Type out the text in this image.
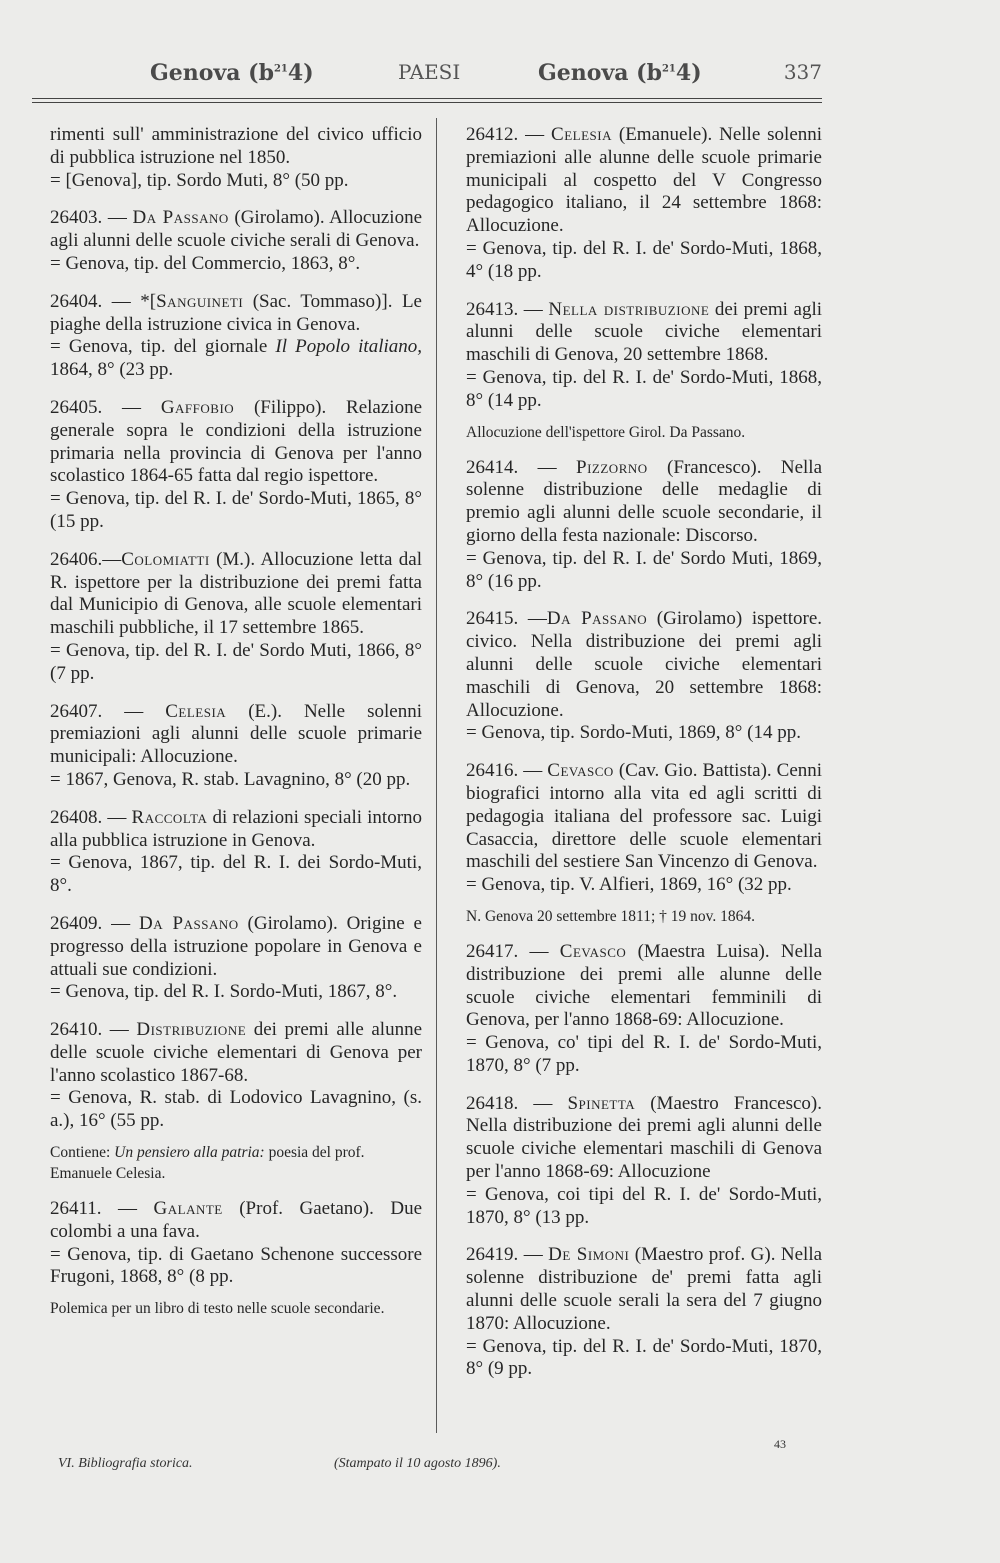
Genova $(b^{21}4)$	PAESI	Genova $(b^{21}4)$	337

rimenti sull' amministrazione del civico ufficio di pubblica istruzione nel 1850.
= [Genova], tip. Sordo Muti, 8° (50 pp.

26403. — Da Passano (Girolamo). Allocuzione agli alunni delle scuole civiche serali di Genova.
= Genova, tip. del Commercio, 1863, 8°.

26404. — *[Sanguineti (Sac. Tommaso)]. Le piaghe della istruzione civica in Genova.
= Genova, tip. del giornale Il Popolo italiano, 1864, 8° (23 pp.

26405. — Gaffobio (Filippo). Relazione generale sopra le condizioni della istruzione primaria nella provincia di Genova per l'anno scolastico 1864-65 fatta dal regio ispettore.
= Genova, tip. del R. I. de' Sordo-Muti, 1865, 8° (15 pp.

26406.—Colomiatti (M.). Allocuzione letta dal R. ispettore per la distribuzione dei premi fatta dal Municipio di Genova, alle scuole elementari maschili pubbliche, il 17 settembre 1865.
= Genova, tip. del R. I. de' Sordo Muti, 1866, 8° (7 pp.

26407. — Celesia (E.). Nelle solenni premiazioni agli alunni delle scuole primarie municipali: Allocuzione.
= 1867, Genova, R. stab. Lavagnino, 8° (20 pp.

26408. — Raccolta di relazioni speciali intorno alla pubblica istruzione in Genova.
= Genova, 1867, tip. del R. I. dei Sordo-Muti, 8°.

26409. — Da Passano (Girolamo). Origine e progresso della istruzione popolare in Genova e attuali sue condizioni.
= Genova, tip. del R. I. Sordo-Muti, 1867, 8°.

26410. — Distribuzione dei premi alle alunne delle scuole civiche elementari di Genova per l'anno scolastico 1867-68.
= Genova, R. stab. di Lodovico Lavagnino, (s. a.), 16° (55 pp.

Contiene: Un pensiero alla patria: poesia del prof. Emanuele Celesia.

26411. — Galante (Prof. Gaetano). Due colombi a una fava.
= Genova, tip. di Gaetano Schenone successore Frugoni, 1868, 8° (8 pp.

Polemica per un libro di testo nelle scuole secondarie.

26412. — Celesia (Emanuele). Nelle solenni premiazioni alle alunne delle scuole primarie municipali al cospetto del V Congresso pedagogico italiano, il 24 settembre 1868: Allocuzione.
= Genova, tip. del R. I. de' Sordo-Muti, 1868, 4° (18 pp.

26413. — Nella distribuzione dei premi agli alunni delle scuole civiche elementari maschili di Genova, 20 settembre 1868.
= Genova, tip. del R. I. de' Sordo-Muti, 1868, 8° (14 pp.

Allocuzione dell'ispettore Girol. Da Passano.

26414. — Pizzorno (Francesco). Nella solenne distribuzione delle medaglie di premio agli alunni delle scuole secondarie, il giorno della festa nazionale: Discorso.
= Genova, tip. del R. I. de' Sordo Muti, 1869, 8° (16 pp.

26415. —Da Passano (Girolamo) ispettore. civico. Nella distribuzione dei premi agli alunni delle scuole civiche elementari maschili di Genova, 20 settembre 1868: Allocuzione.
= Genova, tip. Sordo-Muti, 1869, 8° (14 pp.

26416. — Cevasco (Cav. Gio. Battista). Cenni biografici intorno alla vita ed agli scritti di pedagogia italiana del professore sac. Luigi Casaccia, direttore delle scuole elementari maschili del sestiere San Vincenzo di Genova.
= Genova, tip. V. Alfieri, 1869, 16° (32 pp.

N. Genova 20 settembre 1811; † 19 nov. 1864.

26417. — Cevasco (Maestra Luisa). Nella distribuzione dei premi alle alunne delle scuole civiche elementari femminili di Genova, per l'anno 1868-69: Allocuzione.
= Genova, co' tipi del R. I. de' Sordo-Muti, 1870, 8° (7 pp.

26418. — Spinetta (Maestro Francesco). Nella distribuzione dei premi agli alunni delle scuole civiche elementari maschili di Genova per l'anno 1868-69: Allocuzione
= Genova, coi tipi del R. I. de' Sordo-Muti, 1870, 8° (13 pp.

26419. — De Simoni (Maestro prof. G). Nella solenne distribuzione de' premi fatta agli alunni delle scuole serali la sera del 7 giugno 1870: Allocuzione.
= Genova, tip. del R. I. de' Sordo-Muti, 1870, 8° (9 pp.

43
VI. Bibliografia storica.	(Stampato il 10 agosto 1896).
